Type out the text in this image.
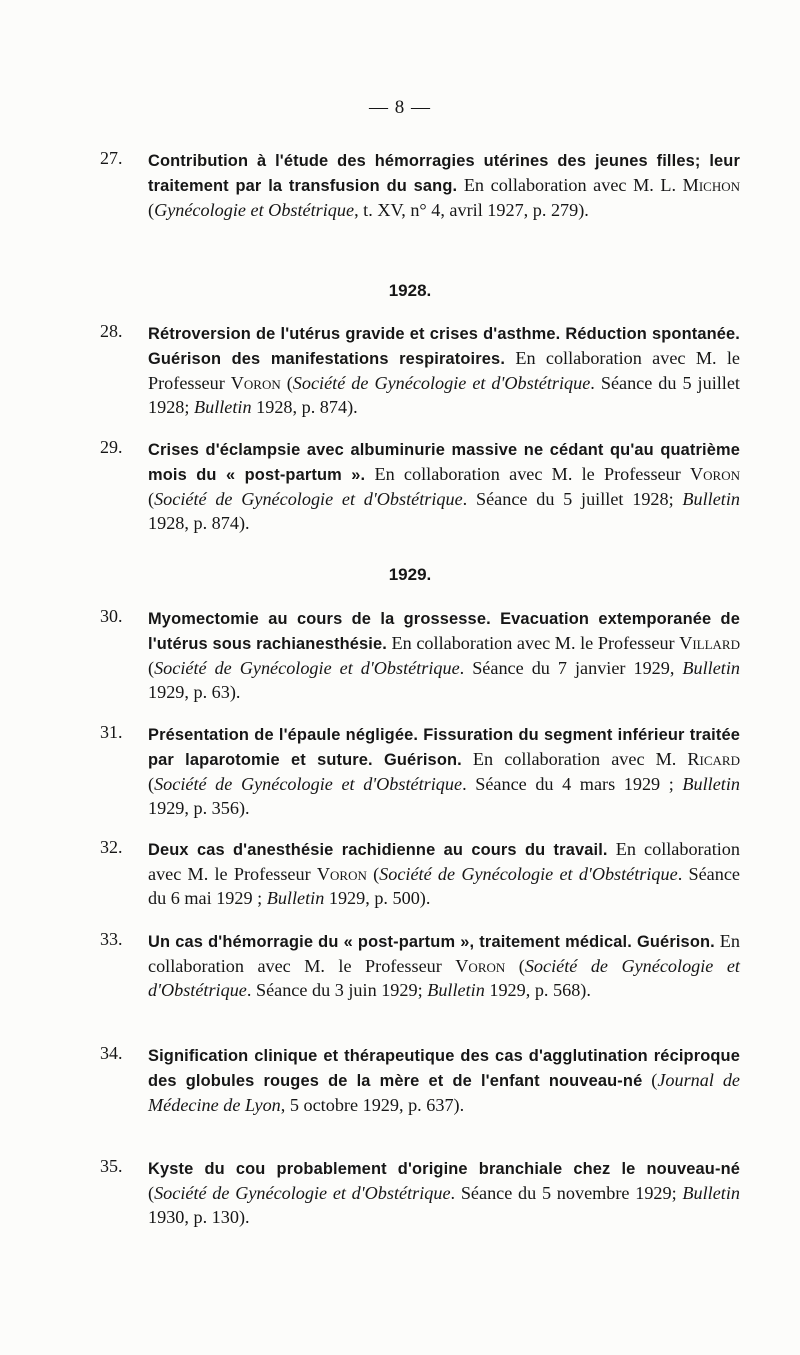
— 8 —
27.	Contribution à l'étude des hémorragies utérines des jeunes filles; leur traitement par la transfusion du sang. En collaboration avec M. L. Michon (Gynécologie et Obstétrique, t. XV, n° 4, avril 1927, p. 279).
1928.
28.	Rétroversion de l'utérus gravide et crises d'asthme. Réduction spontanée. Guérison des manifestations respiratoires. En collaboration avec M. le Professeur Voron (Société de Gynécologie et d'Obstétrique. Séance du 5 juillet 1928; Bulletin 1928, p. 874).
29.	Crises d'éclampsie avec albuminurie massive ne cédant qu'au quatrième mois du « post-partum ». En collaboration avec M. le Professeur Voron (Société de Gynécologie et d'Obstétrique. Séance du 5 juillet 1928; Bulletin 1928, p. 874).
1929.
30.	Myomectomie au cours de la grossesse. Evacuation extemporanée de l'utérus sous rachianesthésie. En collaboration avec M. le Professeur Villard (Société de Gynécologie et d'Obstétrique. Séance du 7 janvier 1929, Bulletin 1929, p. 63).
31.	Présentation de l'épaule négligée. Fissuration du segment inférieur traitée par laparotomie et suture. Guérison. En collaboration avec M. Ricard (Société de Gynécologie et d'Obstétrique. Séance du 4 mars 1929 ; Bulletin 1929, p. 356).
32.	Deux cas d'anesthésie rachidienne au cours du travail. En collaboration avec M. le Professeur Voron (Société de Gynécologie et d'Obstétrique. Séance du 6 mai 1929 ; Bulletin 1929, p. 500).
33.	Un cas d'hémorragie du « post-partum », traitement médical. Guérison. En collaboration avec M. le Professeur Voron (Société de Gynécologie et d'Obstétrique. Séance du 3 juin 1929; Bulletin 1929, p. 568).
34.	Signification clinique et thérapeutique des cas d'agglutination réciproque des globules rouges de la mère et de l'enfant nouveau-né (Journal de Médecine de Lyon, 5 octobre 1929, p. 637).
35.	Kyste du cou probablement d'origine branchiale chez le nouveau-né (Société de Gynécologie et d'Obstétrique. Séance du 5 novembre 1929; Bulletin 1930, p. 130).
